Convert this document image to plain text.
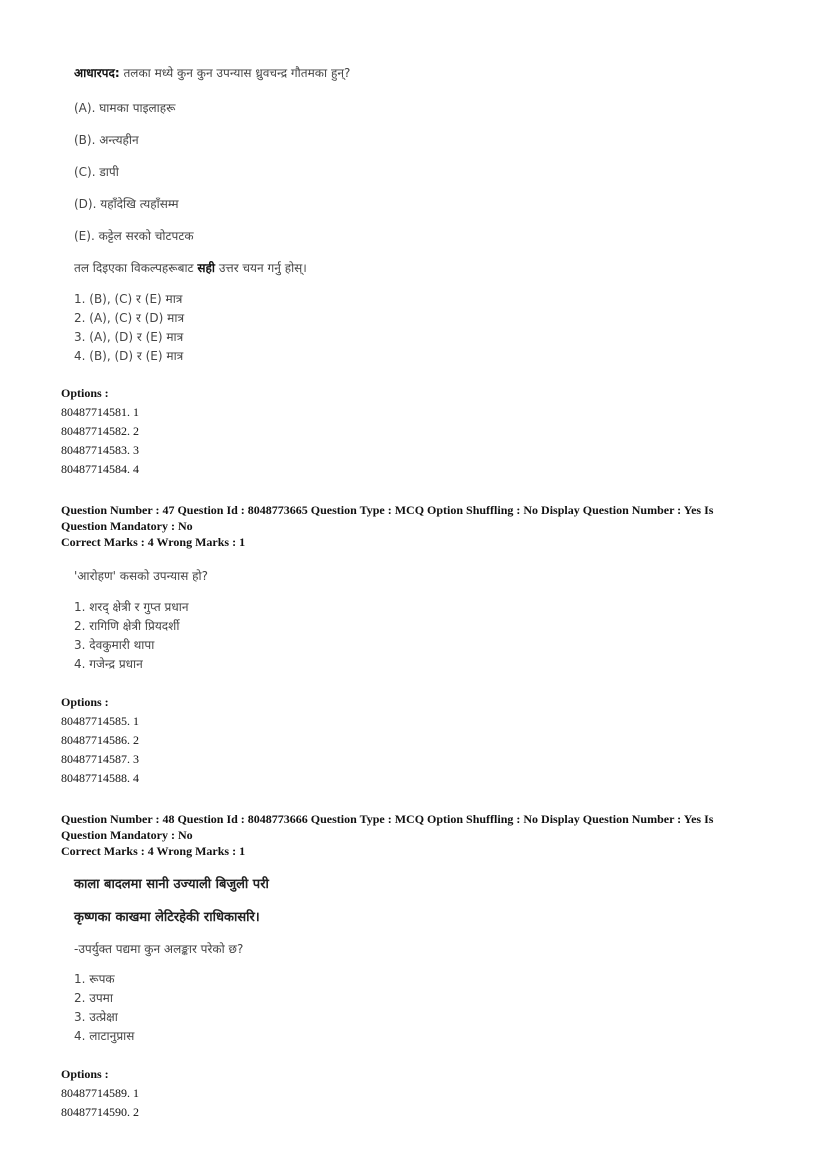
आधारपद: तलका मध्ये कुन कुन उपन्यास ध्रुवचन्द्र गौतमका हुन्?
(A). घामका पाइलाहरू
(B). अन्त्यहीन
(C). डापी
(D). यहाँदेखि त्यहाँसम्म
(E). कट्टेल सरको चोटपटक
तल दिइएका विकल्पहरूबाट सही उत्तर चयन गर्नु होस्।
1. (B), (C) र (E) मात्र
2. (A), (C) र (D) मात्र
3. (A), (D) र (E) मात्र
4. (B), (D) र (E) मात्र
Options :
80487714581. 1
80487714582. 2
80487714583. 3
80487714584. 4
Question Number : 47 Question Id : 8048773665 Question Type : MCQ Option Shuffling : No Display Question Number : Yes Is Question Mandatory : No
Correct Marks : 4 Wrong Marks : 1
'आरोहण' कसको उपन्यास हो?
1. शरद्‌ क्षेत्री र गुप्त प्रधान
2. रागिणि क्षेत्री प्रियदर्शी
3. देवकुमारी थापा
4. गजेन्द्र प्रधान
Options :
80487714585. 1
80487714586. 2
80487714587. 3
80487714588. 4
Question Number : 48 Question Id : 8048773666 Question Type : MCQ Option Shuffling : No Display Question Number : Yes Is Question Mandatory : No
Correct Marks : 4 Wrong Marks : 1
काला बादलमा सानी उज्याली बिजुली परी
कृष्णका काखमा लेटिरहेकी राधिकासरि।
-उपर्युक्त पद्यमा कुन अलङ्कार परेको छ?
1. रूपक
2. उपमा
3. उत्प्रेक्षा
4. लाटानुप्रास
Options :
80487714589. 1
80487714590. 2
